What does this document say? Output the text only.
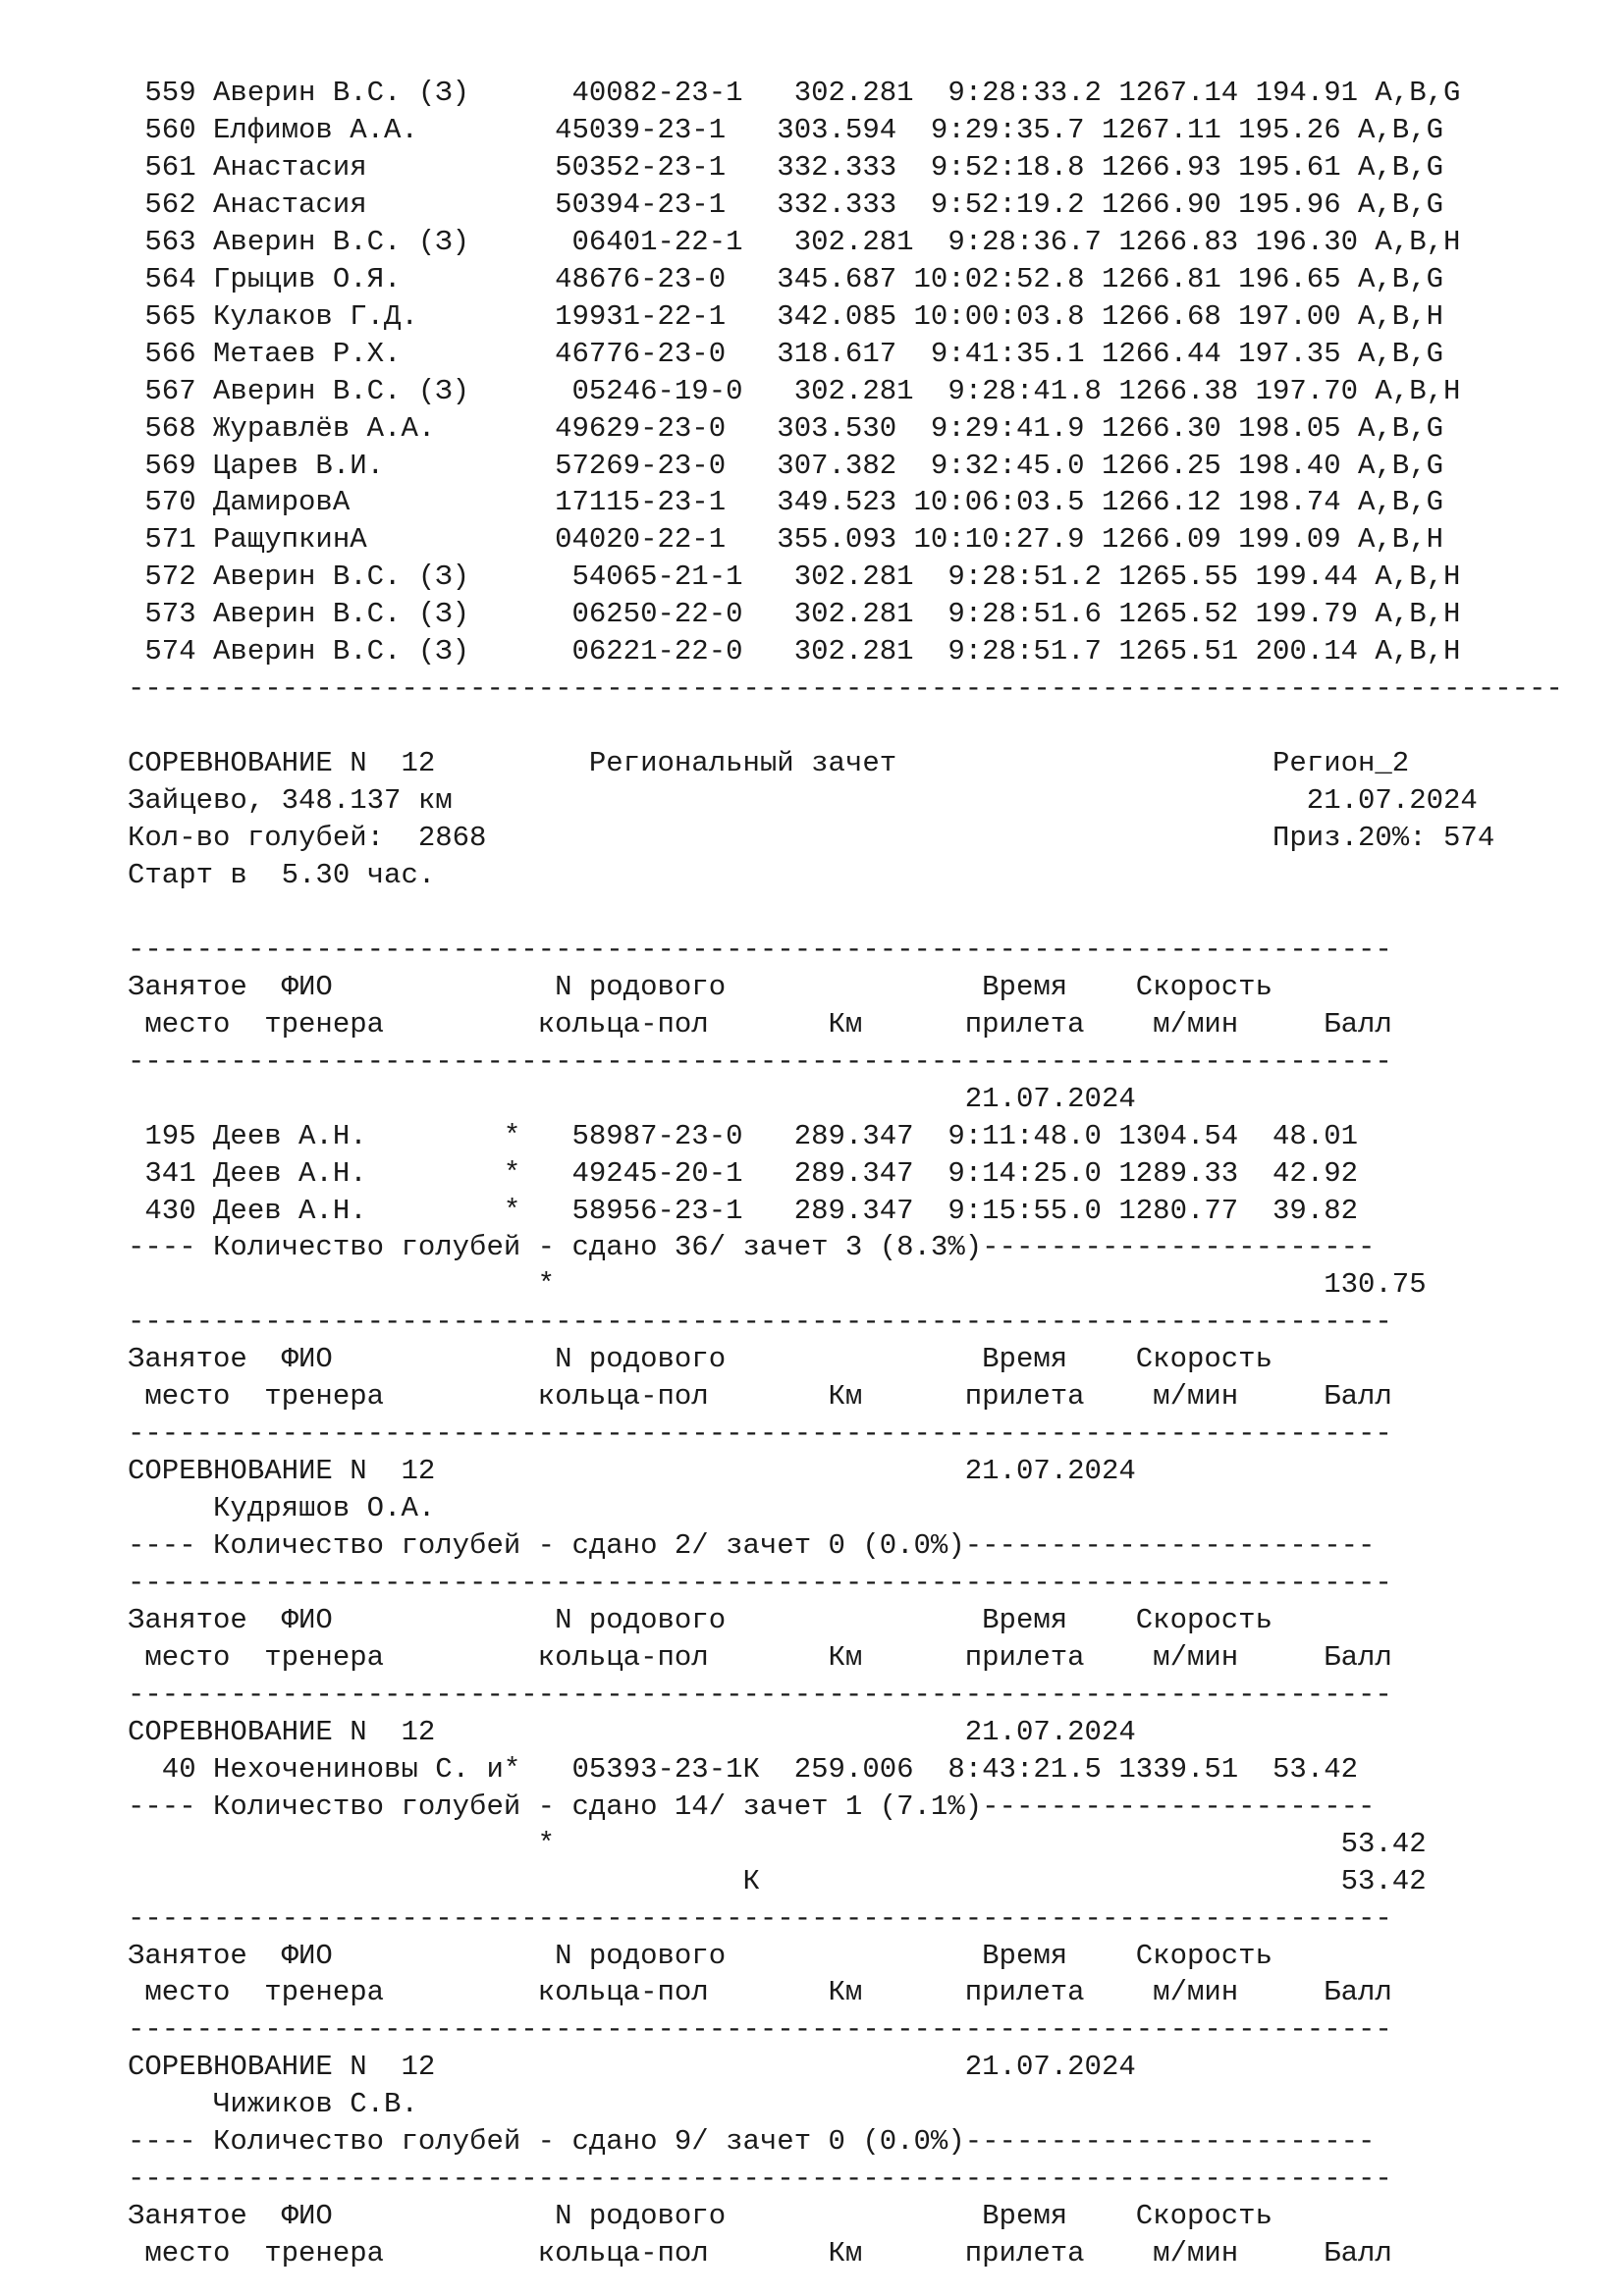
559 Аверин В.С. (З)      40082-23-1   302.281  9:28:33.2 1267.14 194.91 A,B,G
560 Елфимов А.А.        45039-23-1   303.594  9:29:35.7 1267.11 195.26 A,B,G
561 Анастасия           50352-23-1   332.333  9:52:18.8 1266.93 195.61 A,B,G
562 Анастасия           50394-23-1   332.333  9:52:19.2 1266.90 195.96 A,B,G
563 Аверин В.С. (З)      06401-22-1   302.281  9:28:36.7 1266.83 196.30 A,B,H
564 Грыцив О.Я.         48676-23-0   345.687 10:02:52.8 1266.81 196.65 A,B,G
565 Кулаков Г.Д.        19931-22-1   342.085 10:00:03.8 1266.68 197.00 A,B,H
566 Метаев Р.Х.         46776-23-0   318.617  9:41:35.1 1266.44 197.35 A,B,G
567 Аверин В.С. (З)      05246-19-0   302.281  9:28:41.8 1266.38 197.70 A,B,H
568 Журавлёв А.А.       49629-23-0   303.530  9:29:41.9 1266.30 198.05 A,B,G
569 Царев В.И.          57269-23-0   307.382  9:32:45.0 1266.25 198.40 A,B,G
570 ДамировА            17115-23-1   349.523 10:06:03.5 1266.12 198.74 A,B,G
571 РащупкинА           04020-22-1   355.093 10:10:27.9 1266.09 199.09 A,B,H
572 Аверин В.С. (З)      54065-21-1   302.281  9:28:51.2 1265.55 199.44 A,B,H
573 Аверин В.С. (З)      06250-22-0   302.281  9:28:51.6 1265.52 199.79 A,B,H
574 Аверин В.С. (З)      06221-22-0   302.281  9:28:51.7 1265.51 200.14 A,B,H
------------------------------------------------------------------------------------
СОРЕВНОВАНИЕ N  12         Региональный зачет                      Регион_2
Зайцево, 348.137 км                                                  21.07.2024
Кол-во голубей:  2868                                              Приз.20%: 574
Старт в  5.30 час.
--------------------------------------------------------------------------
Занятое  ФИО             N родового               Время    Скорость
место  тренера         кольца-пол       Км      прилета    м/мин     Балл
--------------------------------------------------------------------------
21.07.2024
195 Деев А.Н.        *   58987-23-0   289.347  9:11:48.0 1304.54  48.01
341 Деев А.Н.        *   49245-20-1   289.347  9:14:25.0 1289.33  42.92
430 Деев А.Н.        *   58956-23-1   289.347  9:15:55.0 1280.77  39.82
---- Количество голубей - сдано 36/ зачет 3 (8.3%)-----------------------
*                                             130.75
--------------------------------------------------------------------------
Занятое  ФИО             N родового               Время    Скорость
место  тренера         кольца-пол       Км      прилета    м/мин     Балл
--------------------------------------------------------------------------
СОРЕВНОВАНИЕ N  12                               21.07.2024
Кудряшов О.А.
---- Количество голубей - сдано 2/ зачет 0 (0.0%)------------------------
--------------------------------------------------------------------------
Занятое  ФИО             N родового               Время    Скорость
место  тренера         кольца-пол       Км      прилета    м/мин     Балл
--------------------------------------------------------------------------
СОРЕВНОВАНИЕ N  12                               21.07.2024
40 Нехочениновы С. и*   05393-23-1К  259.006  8:43:21.5 1339.51  53.42
---- Количество голубей - сдано 14/ зачет 1 (7.1%)-----------------------
*                                              53.42
К                                  53.42
--------------------------------------------------------------------------
Занятое  ФИО             N родового               Время    Скорость
место  тренера         кольца-пол       Км      прилета    м/мин     Балл
--------------------------------------------------------------------------
СОРЕВНОВАНИЕ N  12                               21.07.2024
Чижиков С.В.
---- Количество голубей - сдано 9/ зачет 0 (0.0%)------------------------
--------------------------------------------------------------------------
Занятое  ФИО             N родового               Время    Скорость
место  тренера         кольца-пол       Км      прилета    м/мин     Балл
